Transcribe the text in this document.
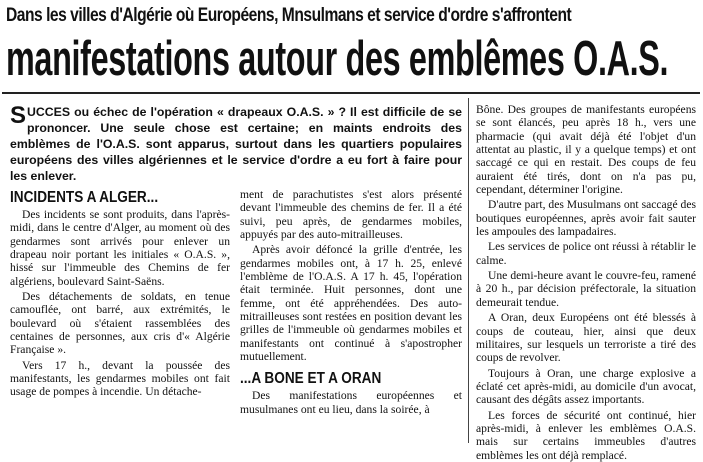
Dans les villes d'Algérie où Européens, Mnsulmans et service d'ordre s'affrontent
manifestations autour des emblêmes O.A.S.
SUCCES ou échec de l'opération « drapeaux O.A.S. » ? Il est difficile de se prononcer. Une seule chose est certaine; en maints endroits des emblèmes de l'O.A.S. sont apparus, surtout dans les quartiers populaires européens des villes algériennes et le service d'ordre a eu fort à faire pour les enlever.
INCIDENTS A ALGER...

Des incidents se sont produits, dans l'après-midi, dans le centre d'Alger, au moment où des gendarmes sont arrivés pour enlever un drapeau noir portant les initiales « O.A.S. », hissé sur l'immeuble des Chemins de fer algériens, boulevard Saint-Saëns.

Des détachements de soldats, en tenue camouflée, ont barré, aux extrémités, le boulevard où s'étaient rassemblées des centaines de personnes, aux cris d'« Algérie Française ».

Vers 17 h., devant la poussée des manifestants, les gendarmes mobiles ont fait usage de pompes à incendie. Un détache-

ment de parachutistes s'est alors présenté devant l'immeuble des chemins de fer. Il a été suivi, peu après, de gendarmes mobiles, appuyés par des auto-mitrailleuses.

Après avoir défoncé la grille d'entrée, les gendarmes mobiles ont, à 17 h. 25, enlevé l'emblème de l'O.A.S. A 17 h. 45, l'opération était terminée. Huit personnes, dont une femme, ont été appréhendées. Des auto-mitrailleuses sont restées en position devant les grilles de l'immeuble où gendarmes mobiles et manifestants ont continué à s'apostropher mutuellement.

...A BONE ET A ORAN

Des manifestations européennes et musulmanes ont eu lieu, dans la soirée, à

Bône. Des groupes de manifestants européens se sont élancés, peu après 18 h., vers une pharmacie (qui avait déjà été l'objet d'un attentat au plastic, il y a quelque temps) et ont saccagé ce qui en restait. Des coups de feu auraient été tirés, dont on n'a pas pu, cependant, déterminer l'origine.

D'autre part, des Musulmans ont saccagé des boutiques européennes, après avoir fait sauter les ampoules des lampadaires.

Les services de police ont réussi à rétablir le calme.

Une demi-heure avant le couvre-feu, ramené à 20 h., par décision préfectorale, la situation demeurait tendue.

A Oran, deux Européens ont été blessés à coups de couteau, hier, ainsi que deux militaires, sur lesquels un terroriste a tiré des coups de revolver.

Toujours à Oran, une charge explosive a éclaté cet après-midi, au domicile d'un avocat, causant des dégâts assez importants.

Les forces de sécurité ont continué, hier après-midi, à enlever les emblèmes O.A.S. mais sur certains immeubles d'autres emblèmes les ont déjà remplacé.
